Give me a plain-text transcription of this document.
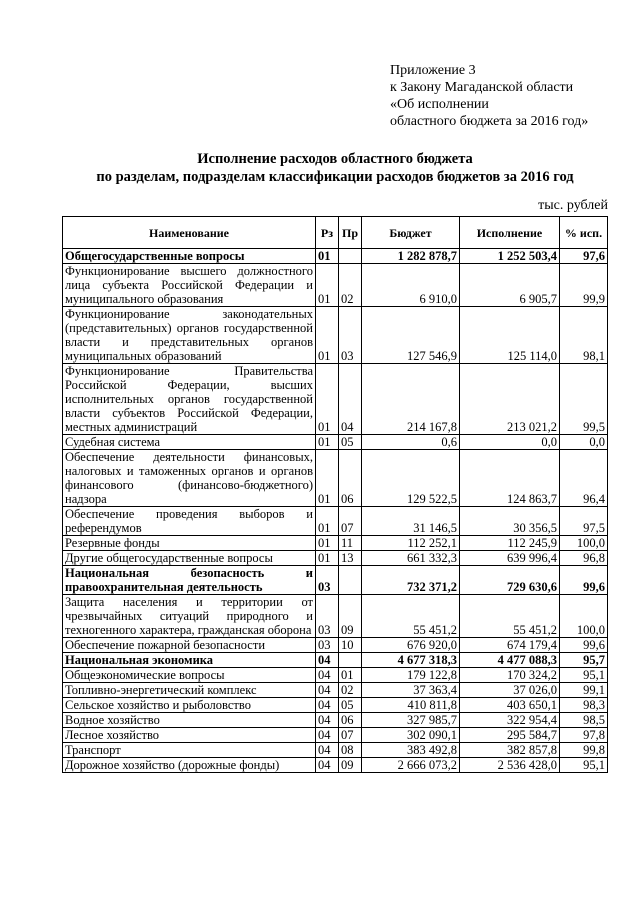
Приложение 3
к Закону Магаданской области
«Об исполнении
областного бюджета за 2016 год»
Исполнение расходов областного бюджета
по разделам, подразделам классификации расходов бюджетов за 2016 год
тыс. рублей
Наименование	Рз	Пр	Бюджет	Исполнение	% исп.
Общегосударственные вопросы	01		1 282 878,7	1 252 503,4	97,6
Функционирование высшего должностного лица субъекта Российской Федерации и муниципального образования	01	02	6 910,0	6 905,7	99,9
Функционирование законодательных (представительных) органов государственной власти и представительных органов муниципальных образований	01	03	127 546,9	125 114,0	98,1
Функционирование Правительства Российской Федерации, высших исполнительных органов государственной власти субъектов Российской Федерации, местных администраций	01	04	214 167,8	213 021,2	99,5
Судебная система	01	05	0,6	0,0	0,0
Обеспечение деятельности финансовых, налоговых и таможенных органов и органов финансового (финансово-бюджетного) надзора	01	06	129 522,5	124 863,7	96,4
Обеспечение проведения выборов и референдумов	01	07	31 146,5	30 356,5	97,5
Резервные фонды	01	11	112 252,1	112 245,9	100,0
Другие общегосударственные вопросы	01	13	661 332,3	639 996,4	96,8
Национальная безопасность и правоохранительная деятельность	03		732 371,2	729 630,6	99,6
Защита населения и территории от чрезвычайных ситуаций природного и техногенного характера, гражданская оборона	03	09	55 451,2	55 451,2	100,0
Обеспечение пожарной безопасности	03	10	676 920,0	674 179,4	99,6
Национальная экономика	04		4 677 318,3	4 477 088,3	95,7
Общеэкономические вопросы	04	01	179 122,8	170 324,2	95,1
Топливно-энергетический комплекс	04	02	37 363,4	37 026,0	99,1
Сельское хозяйство и рыболовство	04	05	410 811,8	403 650,1	98,3
Водное хозяйство	04	06	327 985,7	322 954,4	98,5
Лесное хозяйство	04	07	302 090,1	295 584,7	97,8
Транспорт	04	08	383 492,8	382 857,8	99,8
Дорожное хозяйство (дорожные фонды)	04	09	2 666 073,2	2 536 428,0	95,1
